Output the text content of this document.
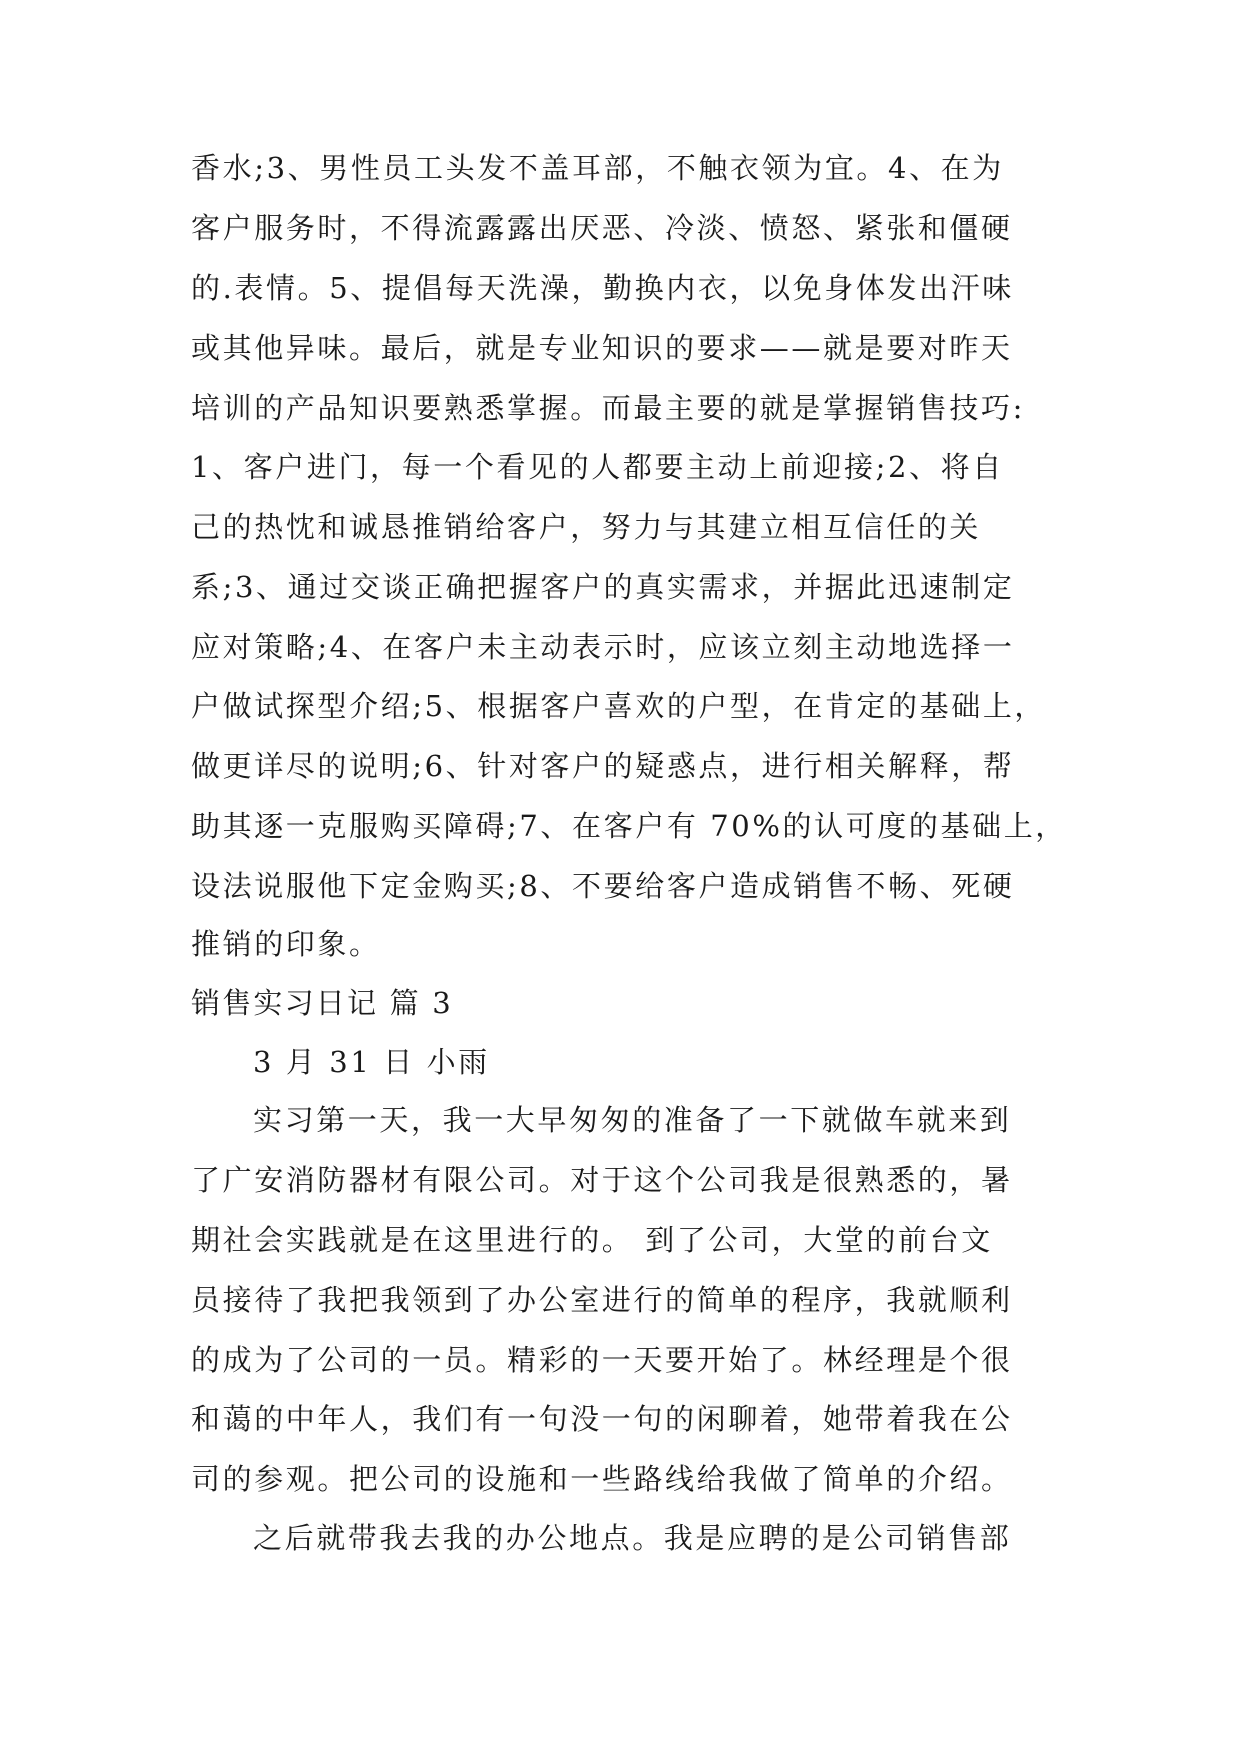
香水;3、男性员工头发不盖耳部，不触衣领为宜。4、在为

客户服务时，不得流露露出厌恶、冷淡、愤怒、紧张和僵硬

的.表情。5、提倡每天洗澡，勤换内衣，以免身体发出汗味

或其他异味。最后，就是专业知识的要求——就是要对昨天

培训的产品知识要熟悉掌握。而最主要的就是掌握销售技巧:

1、客户进门，每一个看见的人都要主动上前迎接;2、将自

己的热忱和诚恳推销给客户，努力与其建立相互信任的关

系;3、通过交谈正确把握客户的真实需求，并据此迅速制定

应对策略;4、在客户未主动表示时，应该立刻主动地选择一

户做试探型介绍;5、根据客户喜欢的户型，在肯定的基础上，

做更详尽的说明;6、针对客户的疑惑点，进行相关解释，帮

助其逐一克服购买障碍;7、在客户有 70%的认可度的基础上，

设法说服他下定金购买;8、不要给客户造成销售不畅、死硬

推销的印象。

销售实习日记 篇 3

3 月 31 日 小雨

实习第一天，我一大早匆匆的准备了一下就做车就来到

了广安消防器材有限公司。对于这个公司我是很熟悉的，暑

期社会实践就是在这里进行的。 到了公司，大堂的前台文

员接待了我把我领到了办公室进行的简单的程序，我就顺利

的成为了公司的一员。精彩的一天要开始了。林经理是个很

和蔼的中年人，我们有一句没一句的闲聊着，她带着我在公

司的参观。把公司的设施和一些路线给我做了简单的介绍。

之后就带我去我的办公地点。我是应聘的是公司销售部
